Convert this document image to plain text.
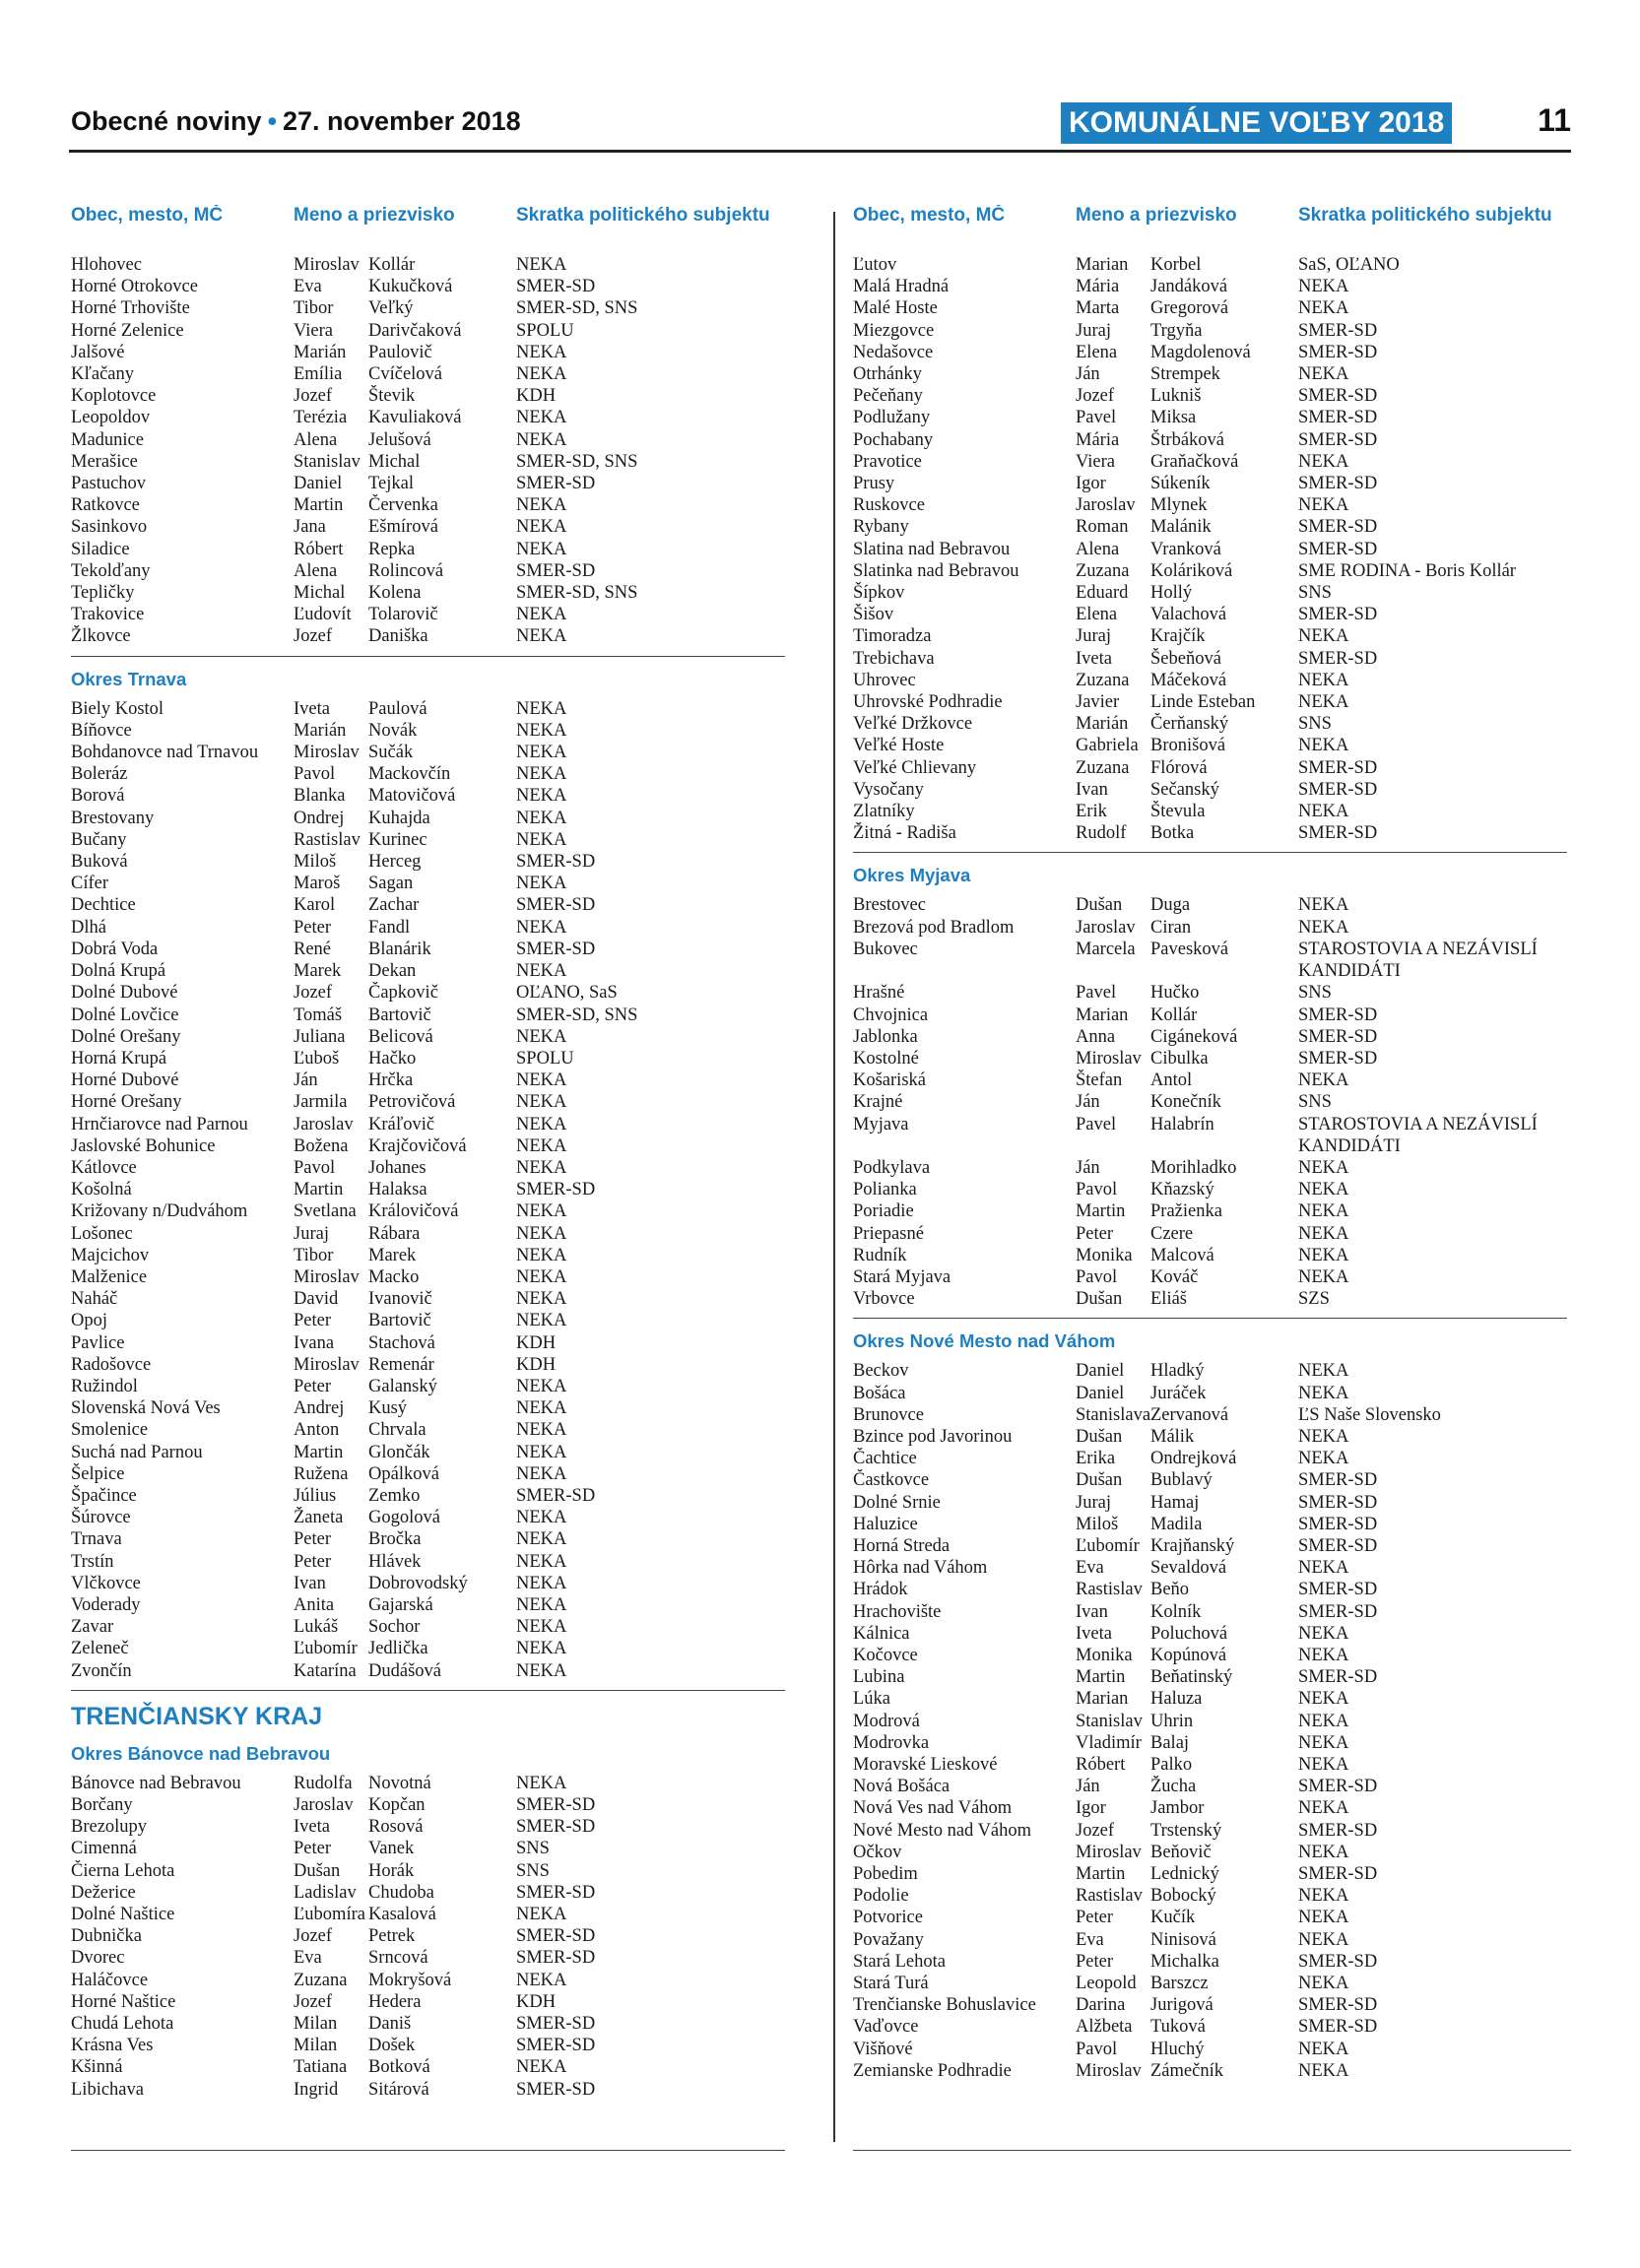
Obecné noviny • 27. november 2018	KOMUNÁLNE VOĽBY 2018	11
Obec, mesto, MČ	Meno a priezvisko	Skratka politického subjektu
Hlohovec	Miroslav Kollár	NEKA
Horné Otrokovce	Eva	Kukučková	SMER-SD
Horné Trhovište	Tibor	Veľký	SMER-SD, SNS
Horné Zelenice	Viera	Darivčaková	SPOLU
Jalšové	Marián	Paulovič	NEKA
Kľačany	Emília	Cvíčelová	NEKA
Koplotovce	Jozef	Števik	KDH
Leopoldov	Terézia	Kavuliaková	NEKA
Madunice	Alena	Jelušová	NEKA
Merašice	Stanislav Michal	SMER-SD, SNS
Pastuchov	Daniel	Tejkal	SMER-SD
Ratkovce	Martin	Červenka	NEKA
Sasinkovo	Jana	Ešmírová	NEKA
Siladice	Róbert	Repka	NEKA
Tekolďany	Alena	Rolincová	SMER-SD
Tepličky	Michal	Kolena	SMER-SD, SNS
Trakovice	Ľudovít Tolarovič	NEKA
Žlkovce	Jozef	Daniška	NEKA
Okres Trnava
Biely Kostol	Iveta	Paulová	NEKA
Bíňovce	Marián	Novák	NEKA
Bohdanovce nad Trnavou	Miroslav Sučák	NEKA
Boleráz	Pavol	Mackovčín	NEKA
Borová	Blanka	Matovičová	NEKA
Brestovany	Ondrej	Kuhajda	NEKA
Bučany	Rastislav Kurinec	NEKA
Buková	Miloš	Herceg	SMER-SD
Cífer	Maroš	Sagan	NEKA
Dechtice	Karol	Zachar	SMER-SD
Dlhá	Peter	Fandl	NEKA
Dobrá Voda	René	Blanárik	SMER-SD
Dolná Krupá	Marek	Dekan	NEKA
Dolné Dubové	Jozef	Čapkovič	OĽANO, SaS
Dolné Lovčice	Tomáš	Bartovič	SMER-SD, SNS
Dolné Orešany	Juliana	Belicová	NEKA
Horná Krupá	Ľuboš	Hačko	SPOLU
Horné Dubové	Ján	Hrčka	NEKA
Horné Orešany	Jarmila	Petrovičová	NEKA
Hrnčiarovce nad Parnou	Jaroslav Kráľovič	NEKA
Jaslovské Bohunice	Božena	Krajčovičová	NEKA
Kátlovce	Pavol	Johanes	NEKA
Košolná	Martin	Halaksa	SMER-SD
Križovany n/Dudváhom	Svetlana Královičová	NEKA
Lošonec	Juraj	Rábara	NEKA
Majcichov	Tibor	Marek	NEKA
Malženice	Miroslav Macko	NEKA
Naháč	David	Ivanovič	NEKA
Opoj	Peter	Bartovič	NEKA
Pavlice	Ivana	Stachová	KDH
Radošovce	Miroslav Remenár	KDH
Ružindol	Peter	Galanský	NEKA
Slovenská Nová Ves	Andrej	Kusý	NEKA
Smolenice	Anton	Chrvala	NEKA
Suchá nad Parnou	Martin	Glončák	NEKA
Šelpice	Ružena	Opálková	NEKA
Špačince	Július	Zemko	SMER-SD
Šúrovce	Žaneta	Gogolová	NEKA
Trnava	Peter	Bročka	NEKA
Trstín	Peter	Hlávek	NEKA
Vlčkovce	Ivan	Dobrovodský	NEKA
Voderady	Anita	Gajarská	NEKA
Zavar	Lukáš	Sochor	NEKA
Zeleneč	Ľubomír Jedlička	NEKA
Zvončín	Katarína Dudášová	NEKA
TRENČIANSKY KRAJ
Okres Bánovce nad Bebravou
Bánovce nad Bebravou	Rudolfa Novotná	NEKA
Borčany	Jaroslav Kopčan	SMER-SD
Brezolupy	Iveta	Rosová	SMER-SD
Cimenná	Peter	Vanek	SNS
Čierna Lehota	Dušan	Horák	SNS
Dežerice	Ladislav Chudoba	SMER-SD
Dolné Naštice	Ľubomíra Kasalová	NEKA
Dubnička	Jozef	Petrek	SMER-SD
Dvorec	Eva	Srncová	SMER-SD
Haláčovce	Zuzana	Mokryšová	NEKA
Horné Naštice	Jozef	Hedera	KDH
Chudá Lehota	Milan	Daniš	SMER-SD
Krásna Ves	Milan	Došek	SMER-SD
Kšinná	Tatiana	Botková	NEKA
Libichava	Ingrid	Sitárová	SMER-SD
Obec, mesto, MČ	Meno a priezvisko	Skratka politického subjektu
Ľutov	Marian	Korbel	SaS, OĽANO
Malá Hradná	Mária	Jandáková	NEKA
Malé Hoste	Marta	Gregorová	NEKA
Miezgovce	Juraj	Trgyňa	SMER-SD
Nedašovce	Elena	Magdolenová	SMER-SD
Otrhánky	Ján	Strempek	NEKA
Pečeňany	Jozef	Lukniš	SMER-SD
Podlužany	Pavel	Miksa	SMER-SD
Pochabany	Mária	Štrbáková	SMER-SD
Pravotice	Viera	Graňačková	NEKA
Prusy	Igor	Súkeník	SMER-SD
Ruskovce	Jaroslav Mlynek	NEKA
Rybany	Roman	Malánik	SMER-SD
Slatina nad Bebravou	Alena	Vranková	SMER-SD
Slatinka nad Bebravou	Zuzana	Koláriková	SME RODINA - Boris Kollár
Šípkov	Eduard	Hollý	SNS
Šišov	Elena	Valachová	SMER-SD
Timoradza	Juraj	Krajčík	NEKA
Trebichava	Iveta	Šebeňová	SMER-SD
Uhrovec	Zuzana	Máčeková	NEKA
Uhrovské Podhradie	Javier	Linde Esteban	NEKA
Veľké Držkovce	Marián	Čerňanský	SNS
Veľké Hoste	Gabriela Bronišová	NEKA
Veľké Chlievany	Zuzana	Flórová	SMER-SD
Vysočany	Ivan	Sečanský	SMER-SD
Zlatníky	Erik	Števula	NEKA
Žitná - Radiša	Rudolf	Botka	SMER-SD
Okres Myjava
Brestovec	Dušan	Duga	NEKA
Brezová pod Bradlom	Jaroslav Ciran	NEKA
Bukovec	Marcela Pavesková	STAROSTOVIA A NEZÁVISLÍ KANDIDÁTI
Hrašné	Pavel	Hučko	SNS
Chvojnica	Marian	Kollár	SMER-SD
Jablonka	Anna	Cigáneková	SMER-SD
Kostolné	Miroslav Cibulka	SMER-SD
Košariská	Štefan	Antol	NEKA
Krajné	Ján	Konečník	SNS
Myjava	Pavel	Halabrín	STAROSTOVIA A NEZÁVISLÍ KANDIDÁTI
Podkylava	Ján	Morihladko	NEKA
Polianka	Pavol	Kňazský	NEKA
Poriadie	Martin	Pražienka	NEKA
Priepasné	Peter	Czere	NEKA
Rudník	Monika Malcová	NEKA
Stará Myjava	Pavol	Kováč	NEKA
Vrbovce	Dušan	Eliáš	SZS
Okres Nové Mesto nad Váhom
Beckov	Daniel	Hladký	NEKA
Bošáca	Daniel	Juráček	NEKA
Brunovce	Stanislava Zervanová	ĽS Naše Slovensko
Bzince pod Javorinou	Dušan	Málik	NEKA
Čachtice	Erika	Ondrejková	NEKA
Častkovce	Dušan	Bublavý	SMER-SD
Dolné Srnie	Juraj	Hamaj	SMER-SD
Haluzice	Miloš	Madila	SMER-SD
Horná Streda	Ľubomír Krajňanský	SMER-SD
Hôrka nad Váhom	Eva	Sevaldová	NEKA
Hrádok	Rastislav Beňo	SMER-SD
Hrachovište	Ivan	Kolník	SMER-SD
Kálnica	Iveta	Poluchová	NEKA
Kočovce	Monika Kopúnová	NEKA
Lubina	Martin	Beňatinský	SMER-SD
Lúka	Marian	Haluza	NEKA
Modrová	Stanislav Uhrin	NEKA
Modrovka	Vladimír Balaj	NEKA
Moravské Lieskové	Róbert	Palko	NEKA
Nová Bošáca	Ján	Žucha	SMER-SD
Nová Ves nad Váhom	Igor	Jambor	NEKA
Nové Mesto nad Váhom	Jozef	Trstenský	SMER-SD
Očkov	Miroslav Beňovič	NEKA
Pobedim	Martin	Lednický	SMER-SD
Podolie	Rastislav Bobocký	NEKA
Potvorice	Peter	Kučík	NEKA
Považany	Eva	Ninisová	NEKA
Stará Lehota	Peter	Michalka	SMER-SD
Stará Turá	Leopold Barszcz	NEKA
Trenčianske Bohuslavice	Darina	Jurigová	SMER-SD
Vaďovce	Alžbeta Tuková	SMER-SD
Višňové	Pavol	Hluchý	NEKA
Zemianske Podhradie	Miroslav Zámečník	NEKA
